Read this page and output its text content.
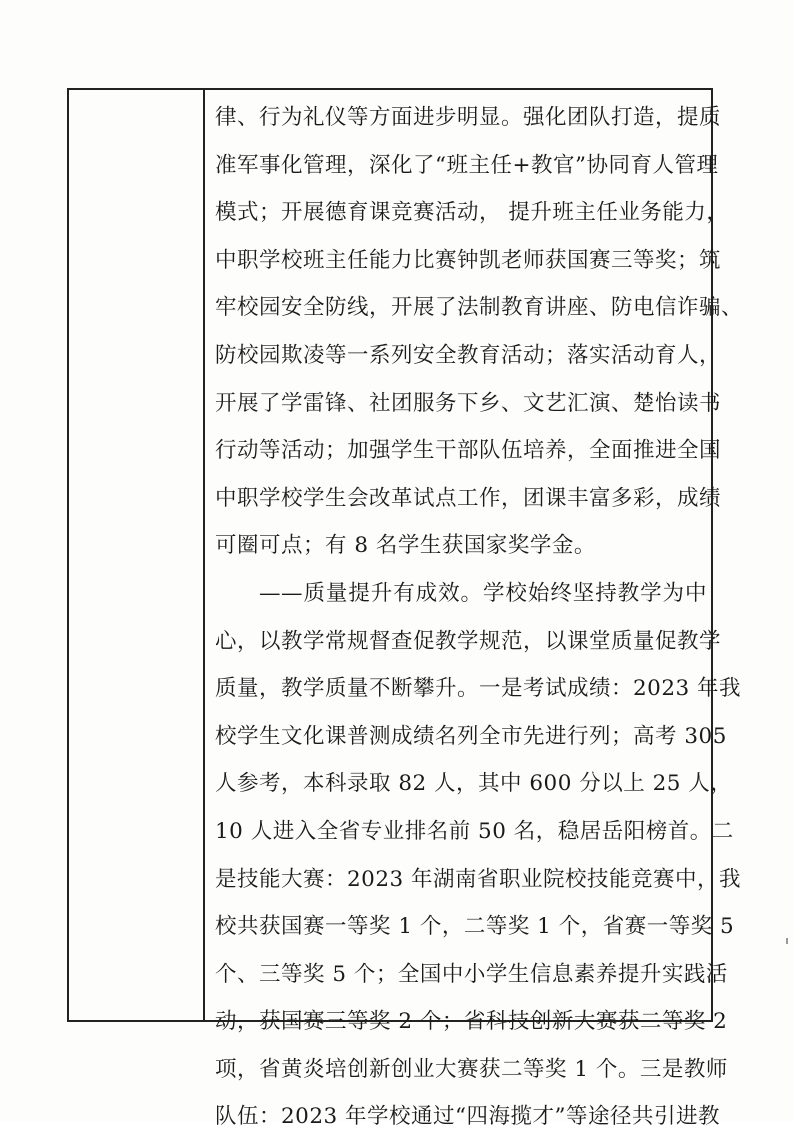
律、行为礼仪等方面进步明显。强化团队打造，提质
准军事化管理，深化了“班主任+教官”协同育人管理
模式；开展德育课竞赛活动， 提升班主任业务能力，
中职学校班主任能力比赛钟凯老师获国赛三等奖；筑
牢校园安全防线，开展了法制教育讲座、防电信诈骗、
防校园欺凌等一系列安全教育活动；落实活动育人，
开展了学雷锋、社团服务下乡、文艺汇演、楚怡读书
行动等活动；加强学生干部队伍培养，全面推进全国
中职学校学生会改革试点工作，团课丰富多彩，成绩
可圈可点；有 8 名学生获国家奖学金。
——质量提升有成效。学校始终坚持教学为中
心，以教学常规督查促教学规范，以课堂质量促教学
质量，教学质量不断攀升。一是考试成绩：2023 年我
校学生文化课普测成绩名列全市先进行列；高考 305
人参考，本科录取 82 人，其中 600 分以上 25 人，
10 人进入全省专业排名前 50 名，稳居岳阳榜首。二
是技能大赛：2023 年湖南省职业院校技能竞赛中，我
校共获国赛一等奖 1 个，二等奖 1 个，省赛一等奖 5
个、三等奖 5 个；全国中小学生信息素养提升实践活
动，获国赛三等奖 2 个；省科技创新大赛获二等奖 2
项，省黄炎培创新创业大赛获二等奖 1 个。三是教师
队伍：2023 年学校通过“四海揽才”等途径共引进教
